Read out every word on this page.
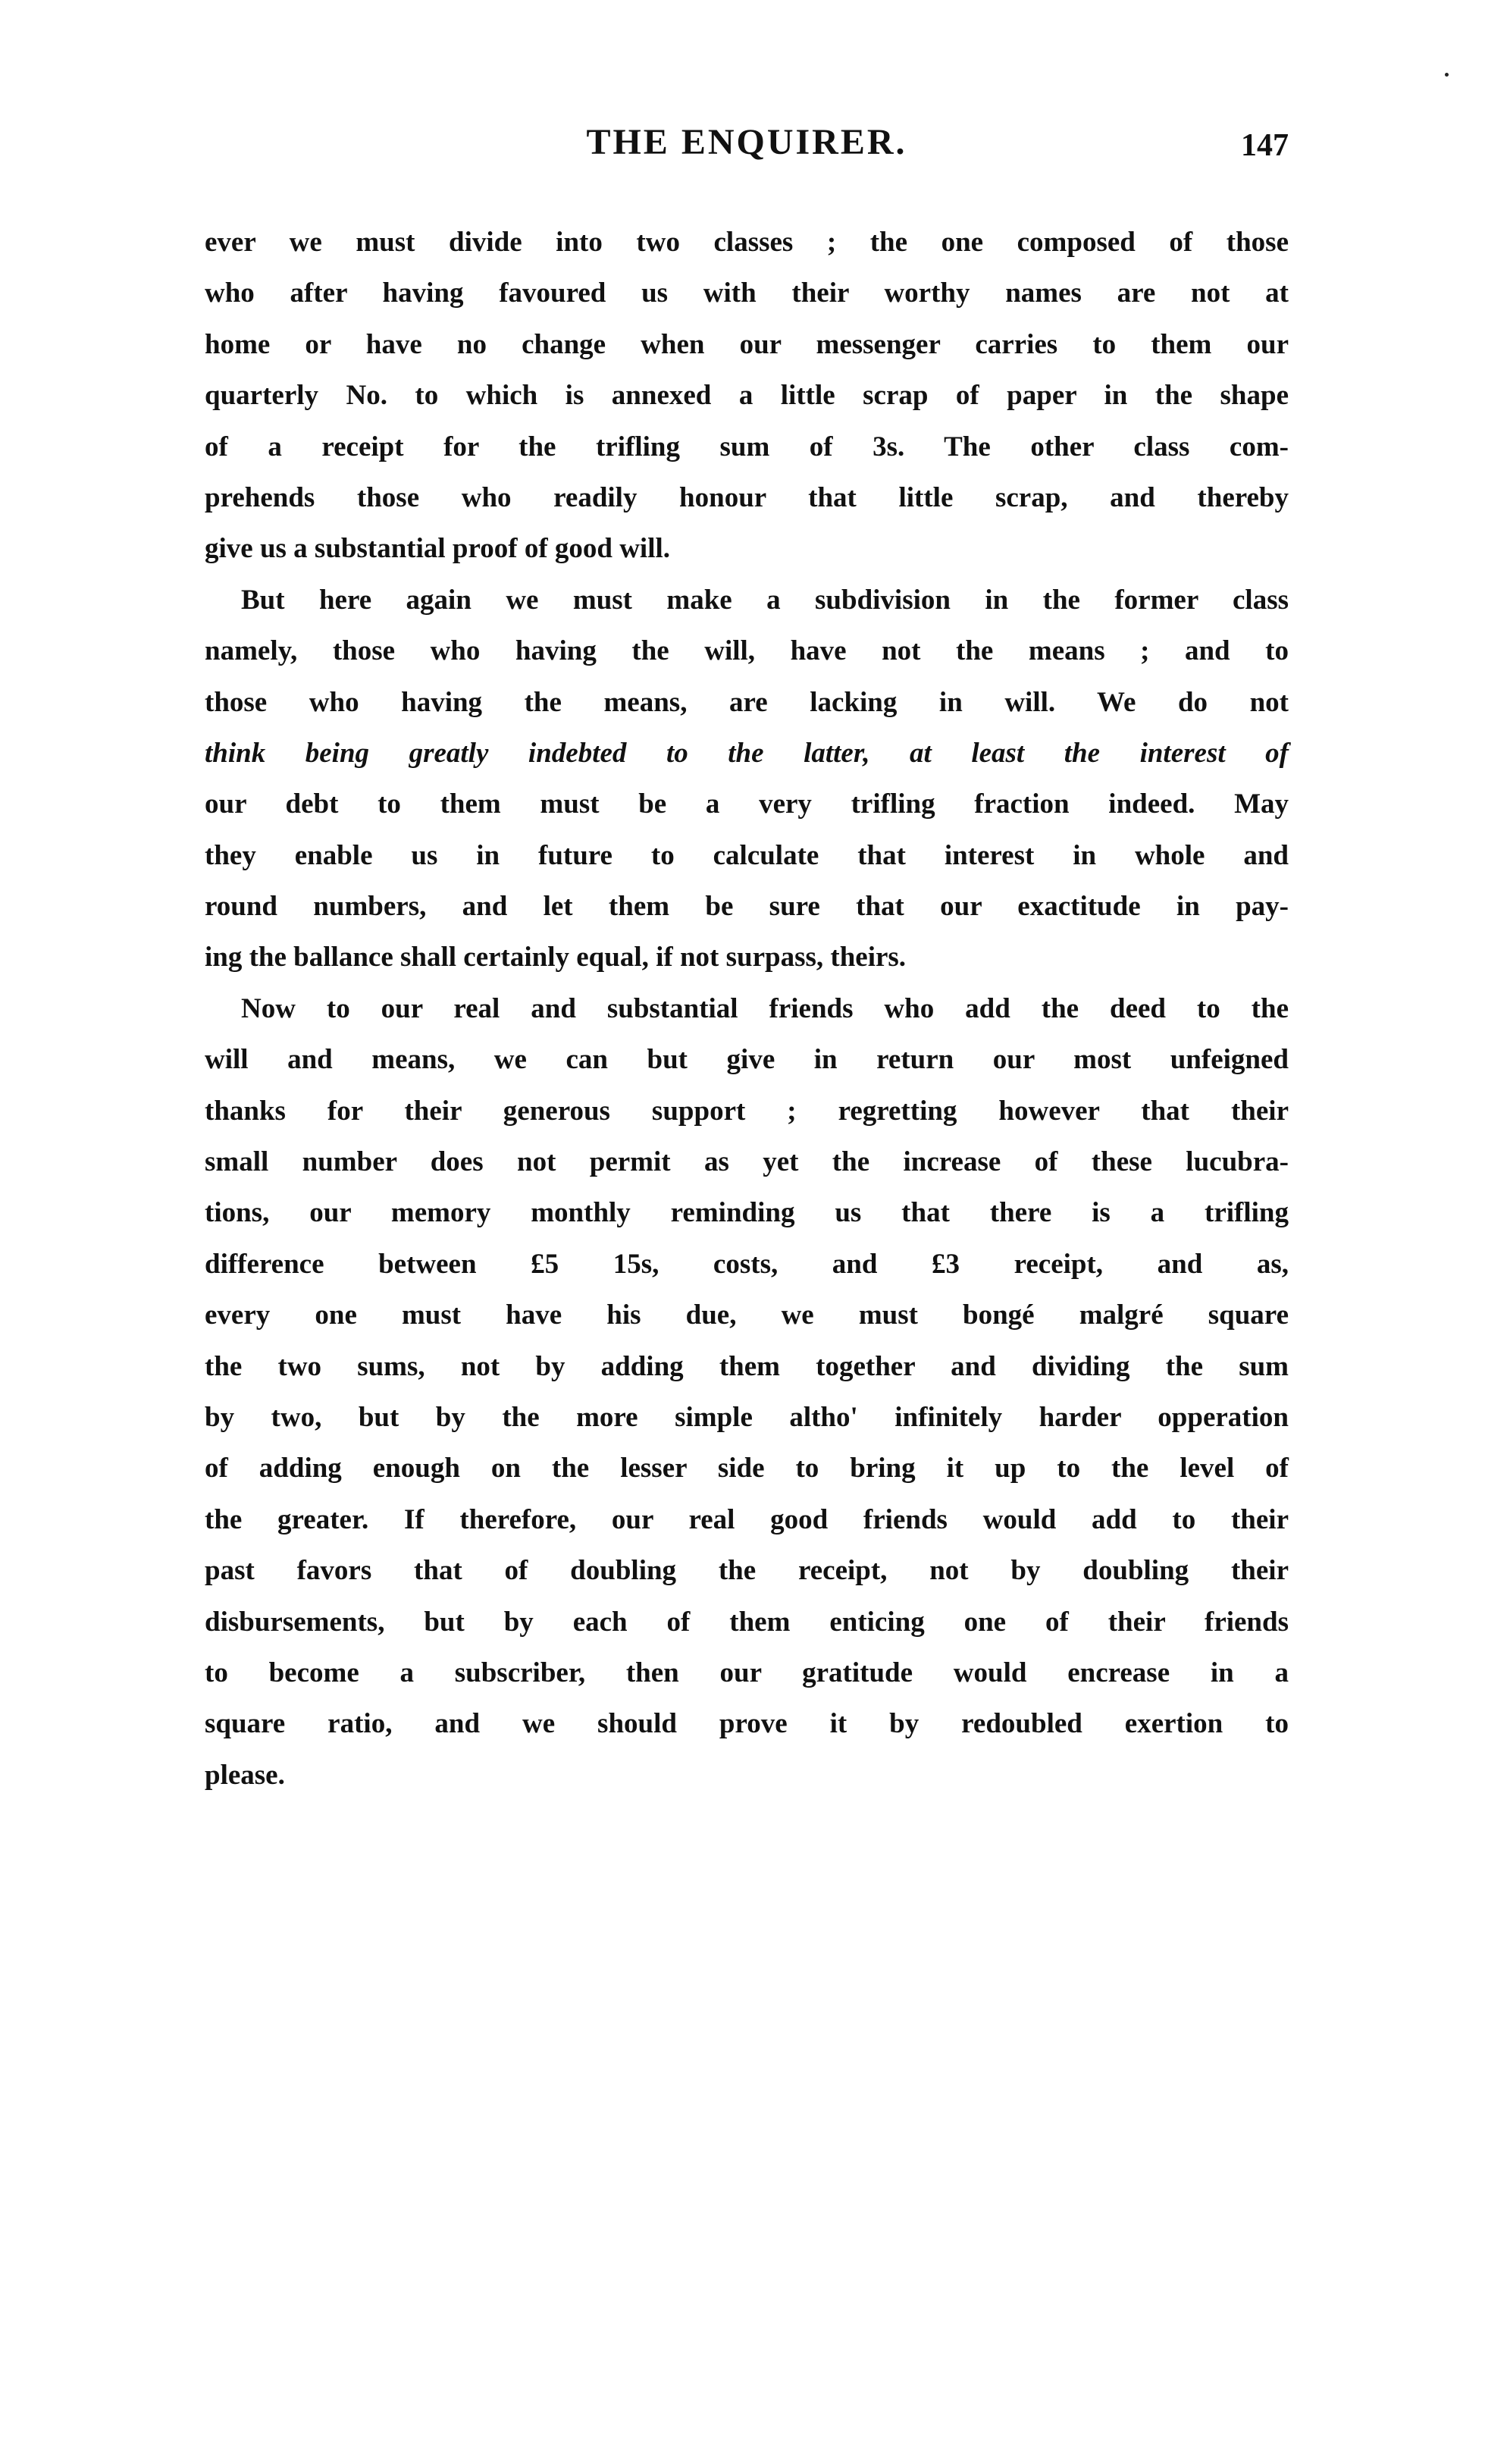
THE ENQUIRER.	147
ever we must divide into two classes ; the one composed of those
who after having favoured us with their worthy names are not at
home or have no change when our messenger carries to them our
quarterly No. to which is annexed a little scrap of paper in the shape
of a receipt for the trifling sum of 3s. The other class com-
prehends those who readily honour that little scrap, and thereby
give us a substantial proof of good will.
But here again we must make a subdivision in the former class
namely, those who having the will, have not the means ; and to
those who having the means, are lacking in will. We do not
think being greatly indebted to the latter, at least the interest of
our debt to them must be a very trifling fraction indeed. May
they enable us in future to calculate that interest in whole and
round numbers, and let them be sure that our exactitude in pay-
ing the ballance shall certainly equal, if not surpass, theirs.
Now to our real and substantial friends who add the deed to the
will and means, we can but give in return our most unfeigned
thanks for their generous support ; regretting however that their
small number does not permit as yet the increase of these lucubra-
tions, our memory monthly reminding us that there is a trifling
difference between £5 15s, costs, and £3 receipt, and as,
every one must have his due, we must bongé malgré square
the two sums, not by adding them together and dividing the sum
by two, but by the more simple altho' infinitely harder opperation
of adding enough on the lesser side to bring it up to the level of
the greater. If therefore, our real good friends would add to their
past favors that of doubling the receipt, not by doubling their
disbursements, but by each of them enticing one of their friends
to become a subscriber, then our gratitude would encrease in a
square ratio, and we should prove it by redoubled exertion to
please.
